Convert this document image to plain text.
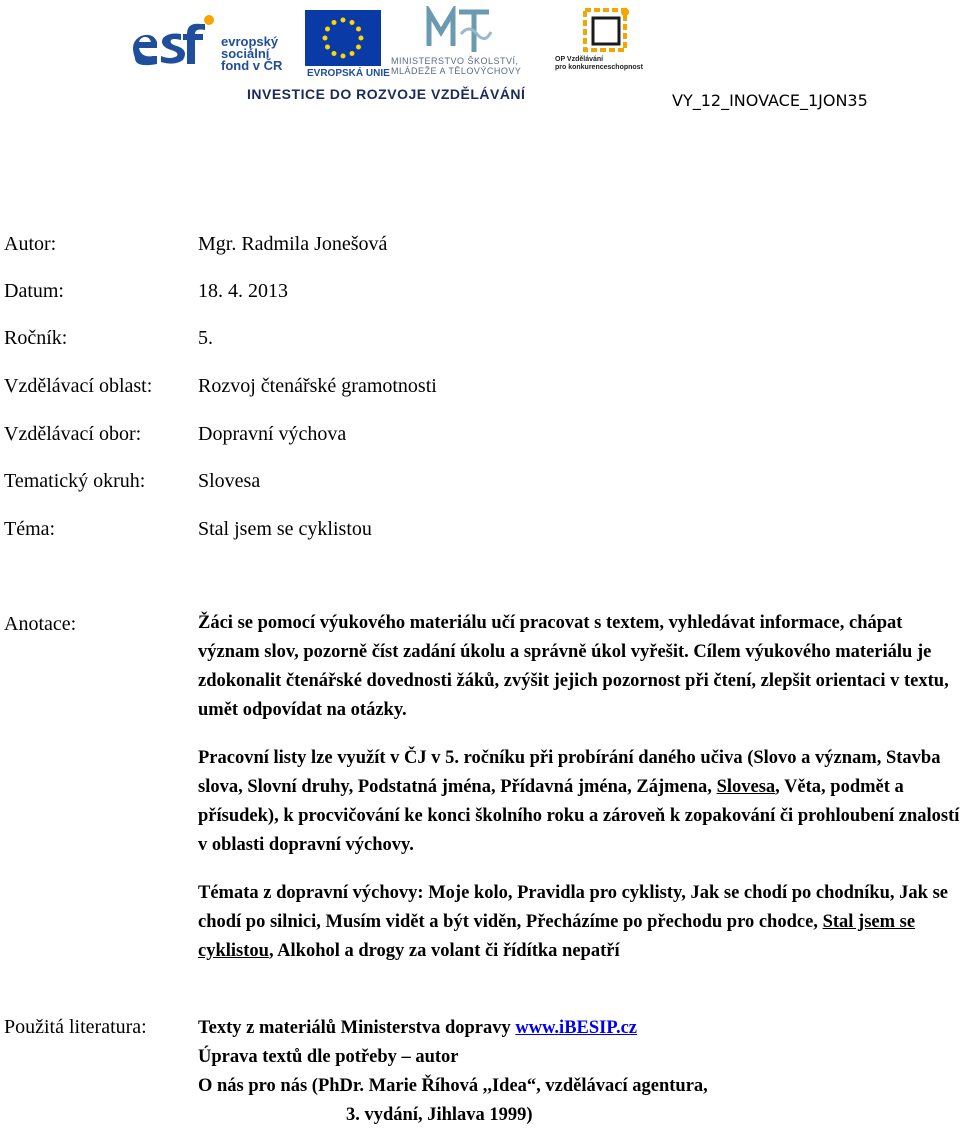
evropský
sociální
fond v ČR
EVROPSKÁ UNIE
MINISTERSTVO ŠKOLSTVÍ,
MLÁDEŽE A TĚLOVÝCHOVY
OP Vzdělávání
pro konkurenceschopnost
INVESTICE DO ROZVOJE VZDĚLÁVÁNÍ	VY_12_INOVACE_1JON35
Autor:	Mgr. Radmila Jonešová
Datum:	18. 4. 2013
Ročník:	5.
Vzdělávací oblast: Rozvoj čtenářské gramotnosti
Vzdělávací obor:	Dopravní výchova
Tematický okruh:	Slovesa
Téma:	Stal jsem se cyklistou
Anotace:	Žáci se pomocí výukového materiálu učí pracovat s textem, vyhledávat informace, chápat význam slov, pozorně číst zadání úkolu a správně úkol vyřešit. Cílem výukového materiálu je zdokonalit čtenářské dovednosti žáků, zvýšit jejich pozornost při čtení, zlepšit orientaci v textu, umět odpovídat na otázky.
Pracovní listy lze využít v ČJ v 5. ročníku při probírání daného učiva (Slovo a význam, Stavba slova, Slovní druhy, Podstatná jména, Přídavná jména, Zájmena, Slovesa, Věta, podmět a přísudek), k procvičování ke konci školního roku a zároveň k zopakování či prohloubení znalostí v oblasti dopravní výchovy.
Témata z dopravní výchovy: Moje kolo, Pravidla pro cyklisty, Jak se chodí po chodníku, Jak se chodí po silnici, Musím vidět a být viděn, Přecházíme po přechodu pro chodce, Stal jsem se cyklistou, Alkohol a drogy za volant či řídítka nepatří
Použitá literatura:	Texty z materiálů Ministerstva dopravy www.iBESIP.cz
Úprava textů dle potřeby – autor
O nás pro nás (PhDr. Marie Říhová ,,Idea“, vzdělávací agentura,
3. vydání, Jihlava 1999)
